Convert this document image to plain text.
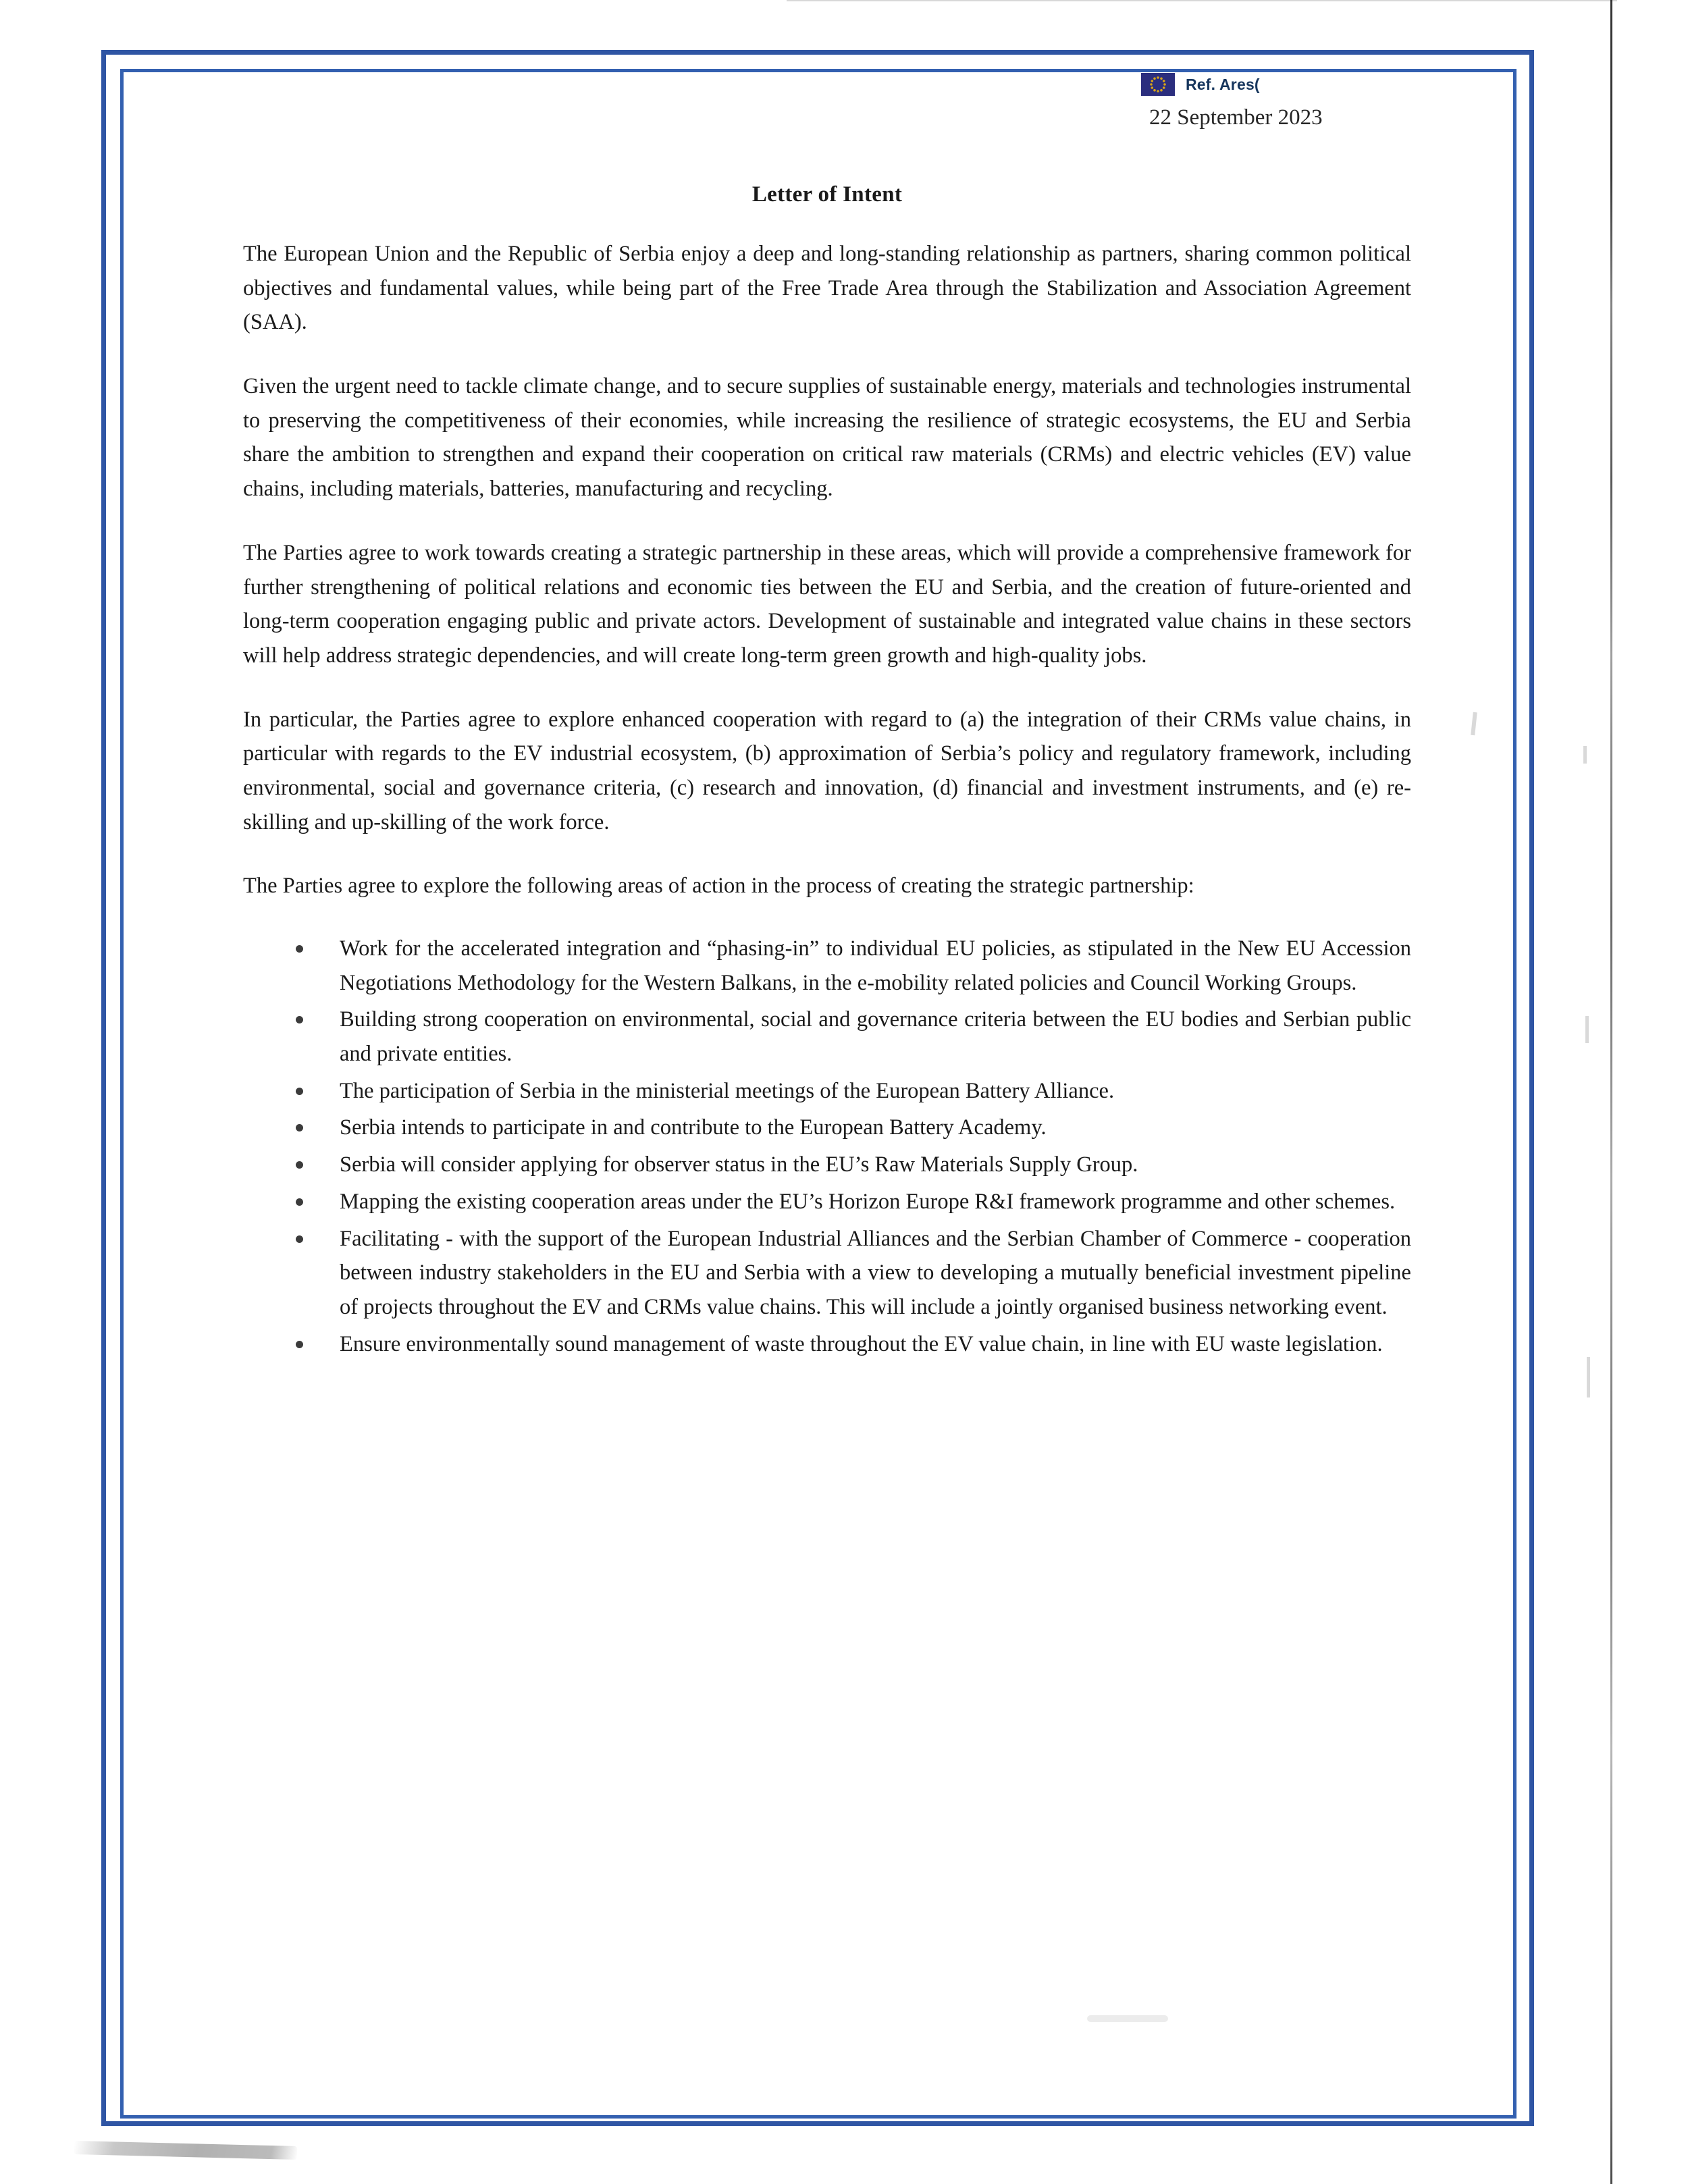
Ref. Ares(
22 September 2023
Letter of Intent

The European Union and the Republic of Serbia enjoy a deep and long-standing relationship as partners, sharing common political objectives and fundamental values, while being part of the Free Trade Area through the Stabilization and Association Agreement (SAA).

Given the urgent need to tackle climate change, and to secure supplies of sustainable energy, materials and technologies instrumental to preserving the competitiveness of their economies, while increasing the resilience of strategic ecosystems, the EU and Serbia share the ambition to strengthen and expand their cooperation on critical raw materials (CRMs) and electric vehicles (EV) value chains, including materials, batteries, manufacturing and recycling.

The Parties agree to work towards creating a strategic partnership in these areas, which will provide a comprehensive framework for further strengthening of political relations and economic ties between the EU and Serbia, and the creation of future-oriented and long-term cooperation engaging public and private actors. Development of sustainable and integrated value chains in these sectors will help address strategic dependencies, and will create long-term green growth and high-quality jobs.

In particular, the Parties agree to explore enhanced cooperation with regard to (a) the integration of their CRMs value chains, in particular with regards to the EV industrial ecosystem, (b) approximation of Serbia’s policy and regulatory framework, including environmental, social and governance criteria, (c) research and innovation, (d) financial and investment instruments, and (e) re-skilling and up-skilling of the work force.

The Parties agree to explore the following areas of action in the process of creating the strategic partnership:

Work for the accelerated integration and “phasing-in” to individual EU policies, as stipulated in the New EU Accession Negotiations Methodology for the Western Balkans, in the e-mobility related policies and Council Working Groups.
Building strong cooperation on environmental, social and governance criteria between the EU bodies and Serbian public and private entities.
The participation of Serbia in the ministerial meetings of the European Battery Alliance.
Serbia intends to participate in and contribute to the European Battery Academy.
Serbia will consider applying for observer status in the EU’s Raw Materials Supply Group.
Mapping the existing cooperation areas under the EU’s Horizon Europe R&I framework programme and other schemes.
Facilitating - with the support of the European Industrial Alliances and the Serbian Chamber of Commerce - cooperation between industry stakeholders in the EU and Serbia with a view to developing a mutually beneficial investment pipeline of projects throughout the EV and CRMs value chains. This will include a jointly organised business networking event.
Ensure environmentally sound management of waste throughout the EV value chain, in line with EU waste legislation.
